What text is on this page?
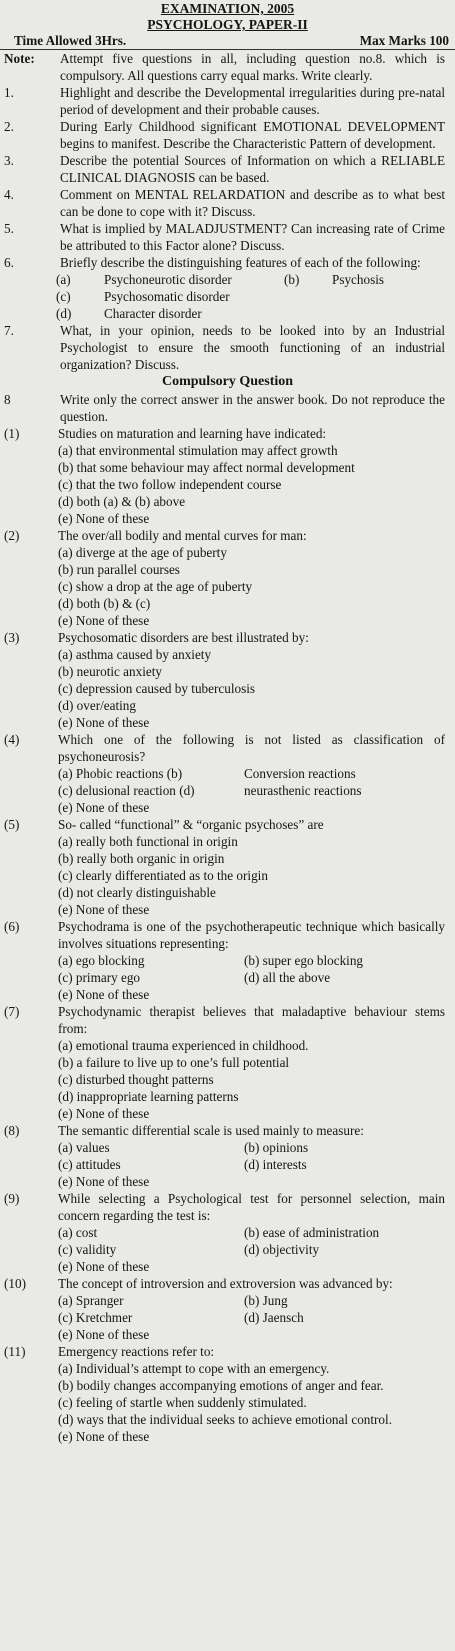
EXAMINATION, 2005
PSYCHOLOGY, PAPER-II
Time Allowed 3Hrs.	Max Marks 100
Note: Attempt five questions in all, including question no.8. which is compulsory. All questions carry equal marks. Write clearly.
1.	Highlight and describe the Developmental irregularities during pre-natal period of development and their probable causes.
2.	During Early Childhood significant EMOTIONAL DEVELOPMENT begins to manifest. Describe the Characteristic Pattern of development.
3.	Describe the potential Sources of Information on which a RELIABLE CLINICAL DIAGNOSIS can be based.
4.	Comment on MENTAL RELARDATION and describe as to what best can be done to cope with it? Discuss.
5.	What is implied by MALADJUSTMENT? Can increasing rate of Crime be attributed to this Factor alone? Discuss.
6.	Briefly describe the distinguishing features of each of the following:
(a)	Psychoneurotic disorder	(b) Psychosis
(c)	Psychosomatic disorder
(d) Character disorder
7.	What, in your opinion, needs to be looked into by an Industrial Psychologist to ensure the smooth functioning of an industrial organization? Discuss.
Compulsory Question
8	Write only the correct answer in the answer book. Do not reproduce the question.
(1)	Studies on maturation and learning have indicated:
(a) that environmental stimulation may affect growth
(b) that some behaviour may affect normal development
(c) that the two follow independent course
(d) both (a) & (b) above
(e) None of these
(2)	The over/all bodily and mental curves for man:
(a) diverge at the age of puberty
(b) run parallel courses
(c) show a drop at the age of puberty
(d) both (b) & (c)
(e) None of these
(3)	Psychosomatic disorders are best illustrated by:
(a) asthma caused by anxiety
(b) neurotic anxiety
(c) depression caused by tuberculosis
(d) over/eating
(e) None of these
(4)	Which one of the following is not listed as classification of psychoneurosis?
(a) Phobic reactions (b)	Conversion reactions
(c) delusional reaction (d)	neurasthenic reactions
(e) None of these
(5)	So- called “functional” & “organic psychoses” are
(a) really both functional in origin
(b) really both organic in origin
(c) clearly differentiated as to the origin
(d) not clearly distinguishable
(e) None of these
(6)	Psychodrama is one of the psychotherapeutic technique which basically involves situations representing:
(a) ego blocking	(b) super ego blocking
(c) primary ego	(d) all the above
(e) None of these
(7)	Psychodynamic therapist believes that maladaptive behaviour stems from:
(a) emotional trauma experienced in childhood.
(b) a failure to live up to one’s full potential
(c) disturbed thought patterns
(d) inappropriate learning patterns
(e) None of these
(8)	The semantic differential scale is used mainly to measure:
(a) values	(b) opinions
(c) attitudes	(d) interests
(e) None of these
(9)	While selecting a Psychological test for personnel selection, main concern regarding the test is:
(a) cost	(b) ease of administration
(c) validity	(d) objectivity
(e) None of these
(10) The concept of introversion and extroversion was advanced by:
(a) Spranger	(b) Jung
(c) Kretchmer	(d) Jaensch
(e) None of these
(11) Emergency reactions refer to:
(a) Individual’s attempt to cope with an emergency.
(b) bodily changes accompanying emotions of anger and fear.
(c) feeling of startle when suddenly stimulated.
(d) ways that the individual seeks to achieve emotional control.
(e) None of these
